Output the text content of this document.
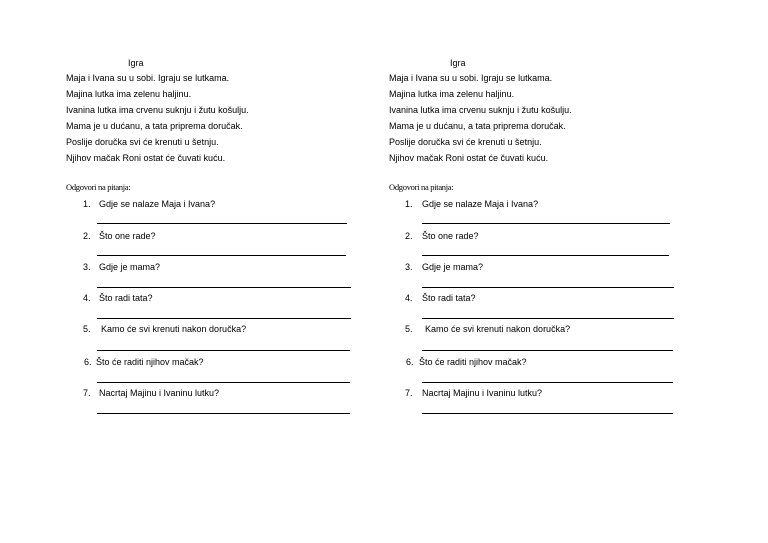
Igra
Maja i Ivana su u sobi. Igraju se lutkama.
Majina lutka ima zelenu haljinu.
Ivanina lutka ima crvenu suknju i žutu košulju.
Mama je u dućanu, a tata priprema doručak.
Poslije doručka svi će krenuti u šetnju.
Njihov mačak Roni ostat će čuvati kuću.
Odgovori na pitanja:
1. Gdje se nalaze Maja i Ivana?
2. Što one rade?
3. Gdje je mama?
4. Što radi tata?
5. Kamo će svi krenuti nakon doručka?
6. Što će raditi njihov mačak?
7. Nacrtaj Majinu i Ivaninu lutku?
Igra
Maja i Ivana su u sobi. Igraju se lutkama.
Majina lutka ima zelenu haljinu.
Ivanina lutka ima crvenu suknju i žutu košulju.
Mama je u dućanu, a tata priprema doručak.
Poslije doručka svi će krenuti u šetnju.
Njihov mačak Roni ostat će čuvati kuću.
Odgovori na pitanja:
1. Gdje se nalaze Maja i Ivana?
2. Što one rade?
3. Gdje je mama?
4. Što radi tata?
5. Kamo će svi krenuti nakon doručka?
6. Što će raditi njihov mačak?
7. Nacrtaj Majinu i Ivaninu lutku?
